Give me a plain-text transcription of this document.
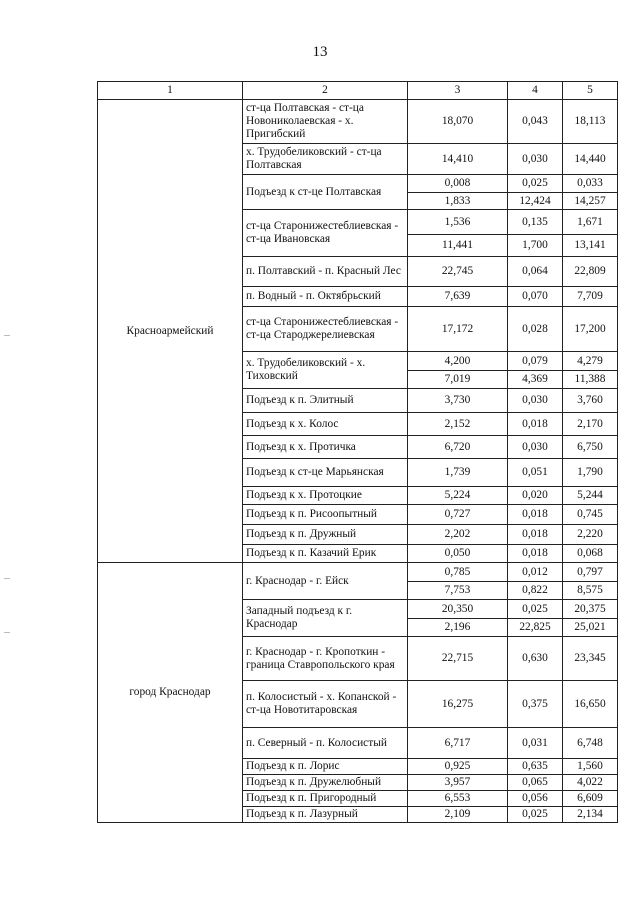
13
1	2	3	4	5
Красноармейский	ст-ца Полтавская - ст-ца Новониколаевская - х. Пригибский	18,070	0,043	18,113
	х. Трудобеликовский - ст-ца Полтавская	14,410	0,030	14,440
	Подъезд к ст-це Полтавская	0,008	0,025	0,033
		1,833	12,424	14,257
	ст-ца Старонижестеблиевская - ст-ца Ивановская	1,536	0,135	1,671
		11,441	1,700	13,141
	п. Полтавский - п. Красный Лес	22,745	0,064	22,809
	п. Водный - п. Октябрьский	7,639	0,070	7,709
	ст-ца Старонижестеблиевская - ст-ца Староджерелиевская	17,172	0,028	17,200
	х. Трудобеликовский - х. Тиховский	4,200	0,079	4,279
		7,019	4,369	11,388
	Подъезд к п. Элитный	3,730	0,030	3,760
	Подъезд к х. Колос	2,152	0,018	2,170
	Подъезд к х. Протичка	6,720	0,030	6,750
	Подъезд к ст-це Марьянская	1,739	0,051	1,790
	Подъезд к х. Протоцкие	5,224	0,020	5,244
	Подъезд к п. Рисоопытный	0,727	0,018	0,745
	Подъезд к п. Дружный	2,202	0,018	2,220
	Подъезд к п. Казачий Ерик	0,050	0,018	0,068
город Краснодар	г. Краснодар - г. Ейск	0,785	0,012	0,797
		7,753	0,822	8,575
	Западный подъезд к г. Краснодар	20,350	0,025	20,375
		2,196	22,825	25,021
	г. Краснодар - г. Кропоткин - граница Ставропольского края	22,715	0,630	23,345
	п. Колосистый - х. Копанской - ст-ца Новотитаровская	16,275	0,375	16,650
	п. Северный - п. Колосистый	6,717	0,031	6,748
	Подъезд к п. Лорис	0,925	0,635	1,560
	Подъезд к п. Дружелюбный	3,957	0,065	4,022
	Подъезд к п. Пригородный	6,553	0,056	6,609
	Подъезд к п. Лазурный	2,109	0,025	2,134
